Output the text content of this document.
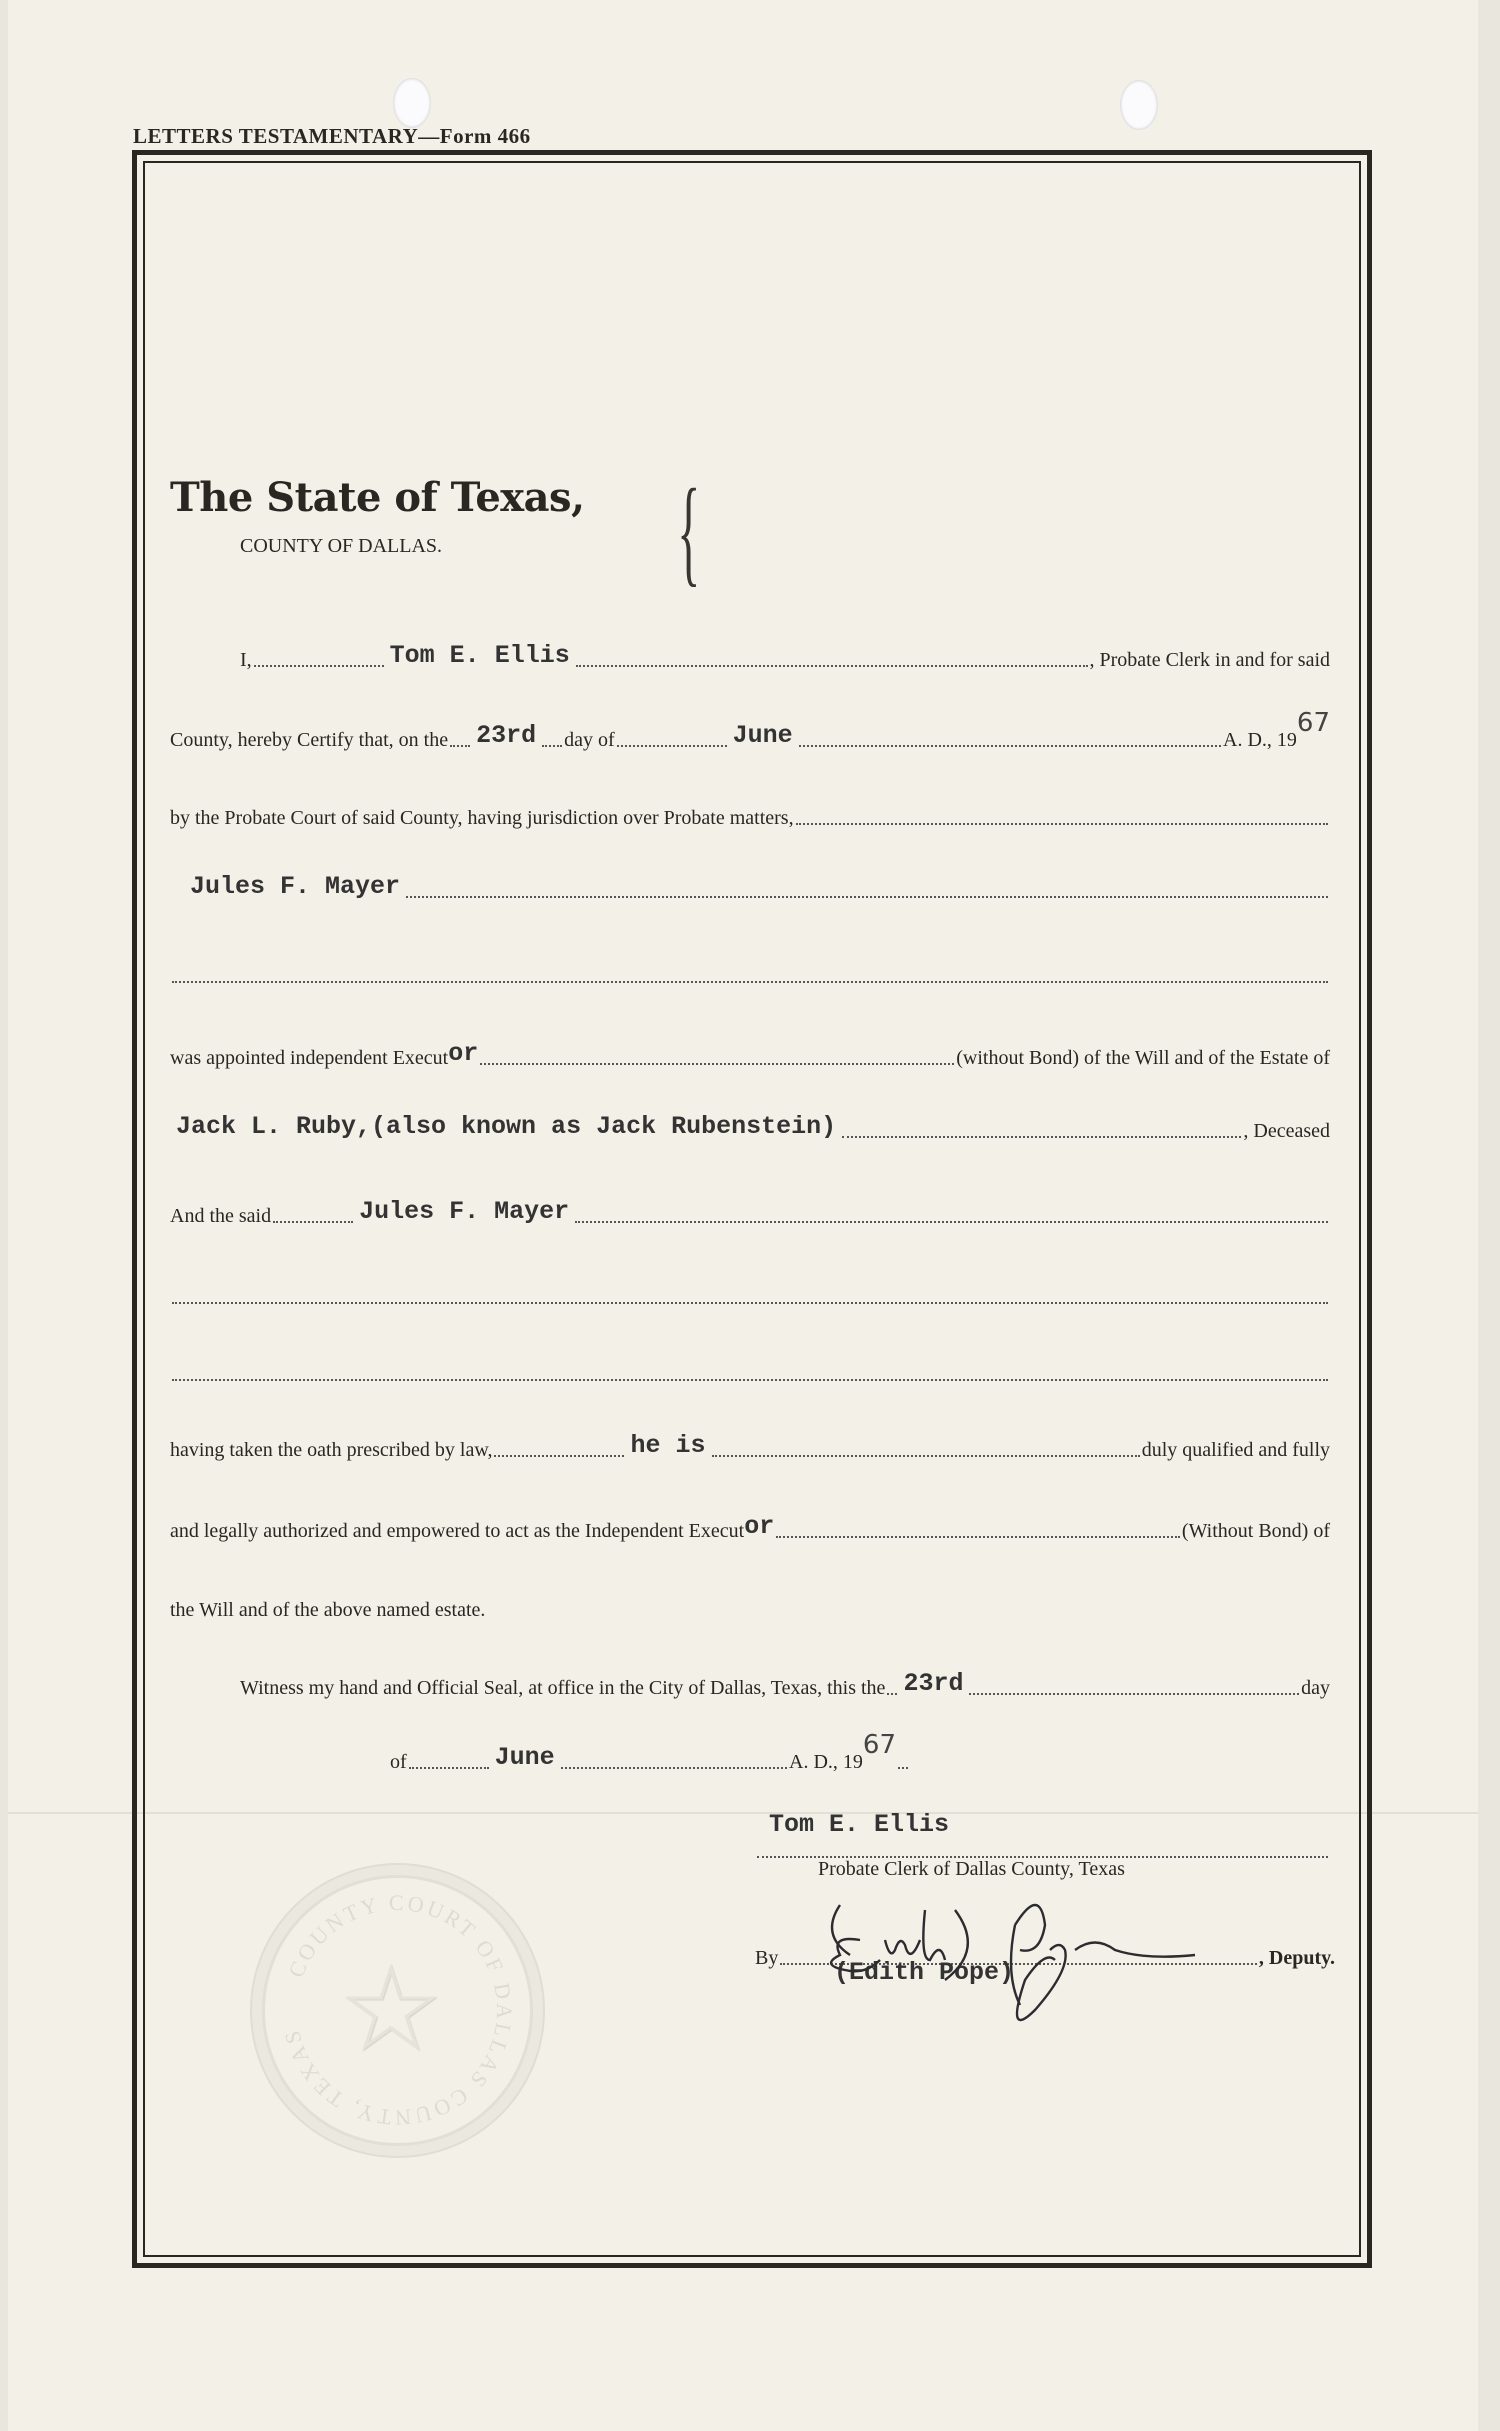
LETTERS TESTAMENTARY—Form 466
The State of Texas,
COUNTY OF DALLAS. {
I,	Tom E. Ellis	, Probate Clerk in and for said
County, hereby Certify that, on the 23rd day of	June	A. D., 19
67
by the Probate Court of said County, having jurisdiction over Probate matters,
Jules F. Mayer
was appointed independent Execut or	(without Bond) of the Will and of the Estate of
Jack L. Ruby,(also known as Jack Rubenstein)	, Deceased
And the said	Jules F. Mayer
having taken the oath prescribed by law,	he is	duly qualified and fully
and legally authorized and empowered to act as the Independent Execut or	(Without Bond) of
the Will and of the above named estate.
Witness my hand and Official Seal, at office in the City of Dallas, Texas, this the 23rd	day
of	June	A. D., 19
67
Tom E. Ellis
Probate Clerk of Dallas County, Texas
By	, Deputy.
(Edith Pope)
☆
COUNTY COURT OF DALLAS COUNTY, TEXAS
